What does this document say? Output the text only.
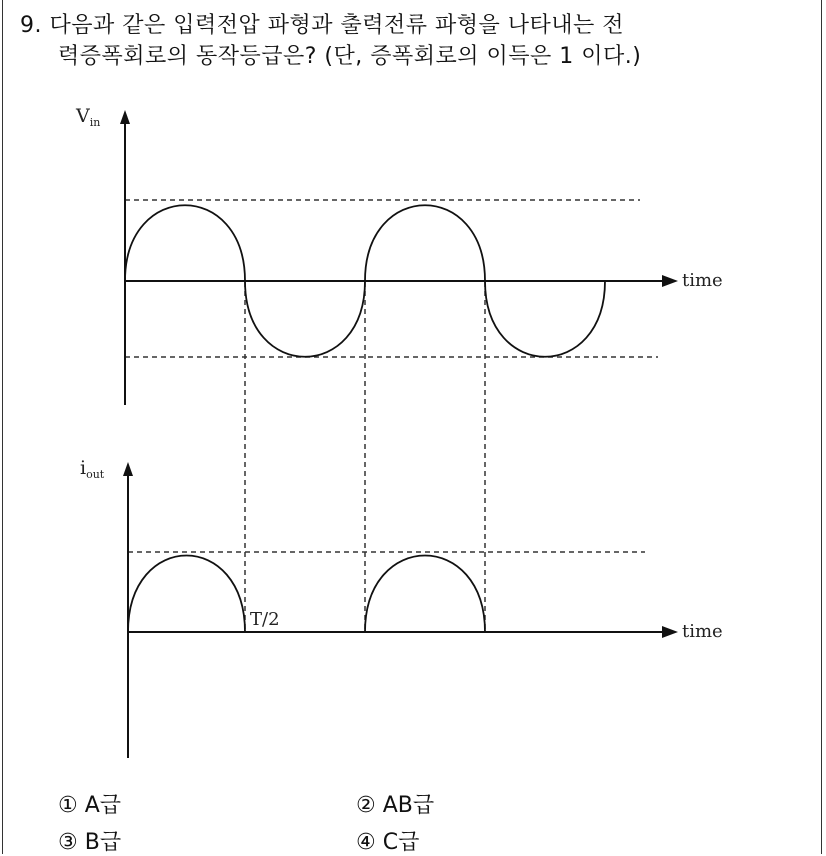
9. 다음과 같은 입력전압 파형과 출력전류 파형을 나타내는 전
력증폭회로의 동작등급은? (단, 증폭회로의 이득은 1 이다.)
$V_{in}$
$i_{out}$
time
time
T/2
① A급	② AB급
③ B급	④ C급
